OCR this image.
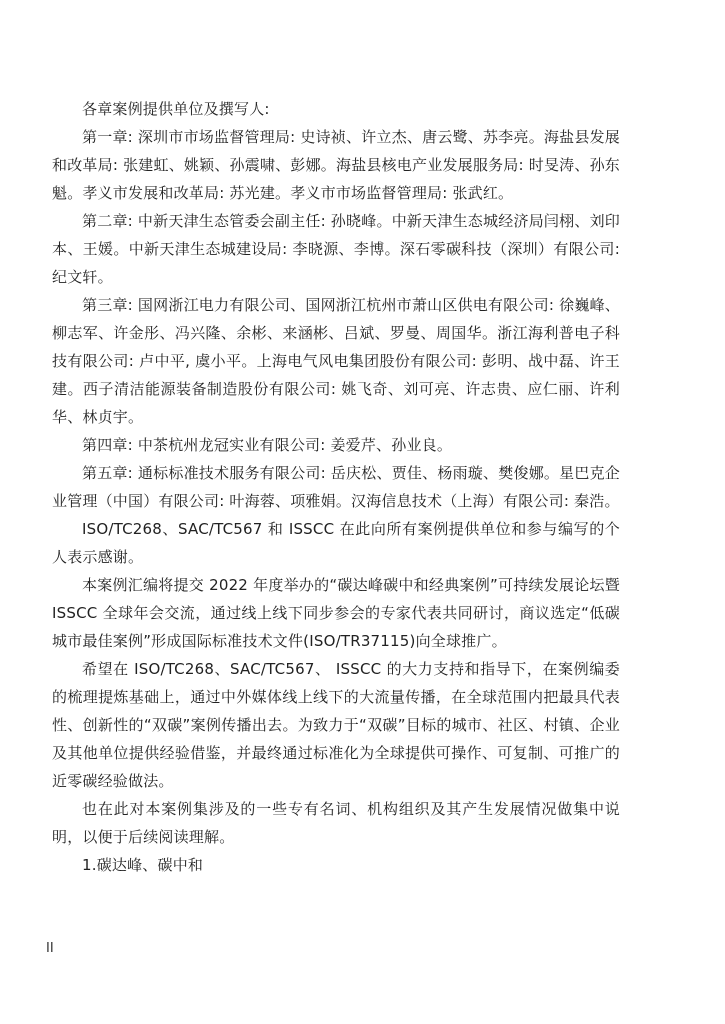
各章案例提供单位及撰写人:

第一章: 深圳市市场监督管理局: 史诗祯、许立杰、唐云鹭、苏李亮。海盐县发展和改革局: 张建虹、姚颖、孙震啸、彭娜。海盐县核电产业发展服务局: 时旻涛、孙东魁。孝义市发展和改革局: 苏光建。孝义市市场监督管理局: 张武红。

第二章: 中新天津生态管委会副主任: 孙晓峰。中新天津生态城经济局闫栩、刘印本、王媛。中新天津生态城建设局: 李晓源、李博。深石零碳科技（深圳）有限公司: 纪文轩。

第三章: 国网浙江电力有限公司、国网浙江杭州市萧山区供电有限公司: 徐巍峰、柳志军、许金彤、冯兴隆、余彬、来涵彬、吕斌、罗曼、周国华。浙江海利普电子科技有限公司: 卢中平, 虞小平。上海电气风电集团股份有限公司: 彭明、战中磊、许王建。西子清洁能源装备制造股份有限公司: 姚飞奇、刘可亮、许志贵、应仁丽、许利华、林贞宇。

第四章: 中茶杭州龙冠实业有限公司: 姜爱芹、孙业良。

第五章: 通标标准技术服务有限公司: 岳庆松、贾佳、杨雨璇、樊俊娜。星巴克企业管理（中国）有限公司: 叶海蓉、项雅娟。汉海信息技术（上海）有限公司: 秦浩。

ISO/TC268、SAC/TC567 和 ISSCC 在此向所有案例提供单位和参与编写的个人表示感谢。

本案例汇编将提交 2022 年度举办的“碳达峰碳中和经典案例”可持续发展论坛暨 ISSCC 全球年会交流，通过线上线下同步参会的专家代表共同研讨，商议选定“低碳城市最佳案例”形成国际标准技术文件(ISO/TR37115)向全球推广。

希望在 ISO/TC268、SAC/TC567、 ISSCC 的大力支持和指导下，在案例编委的梳理提炼基础上，通过中外媒体线上线下的大流量传播，在全球范围内把最具代表性、创新性的“双碳”案例传播出去。为致力于“双碳”目标的城市、社区、村镇、企业及其他单位提供经验借鉴，并最终通过标准化为全球提供可操作、可复制、可推广的近零碳经验做法。

也在此对本案例集涉及的一些专有名词、机构组织及其产生发展情况做集中说明，以便于后续阅读理解。

1.碳达峰、碳中和

II
